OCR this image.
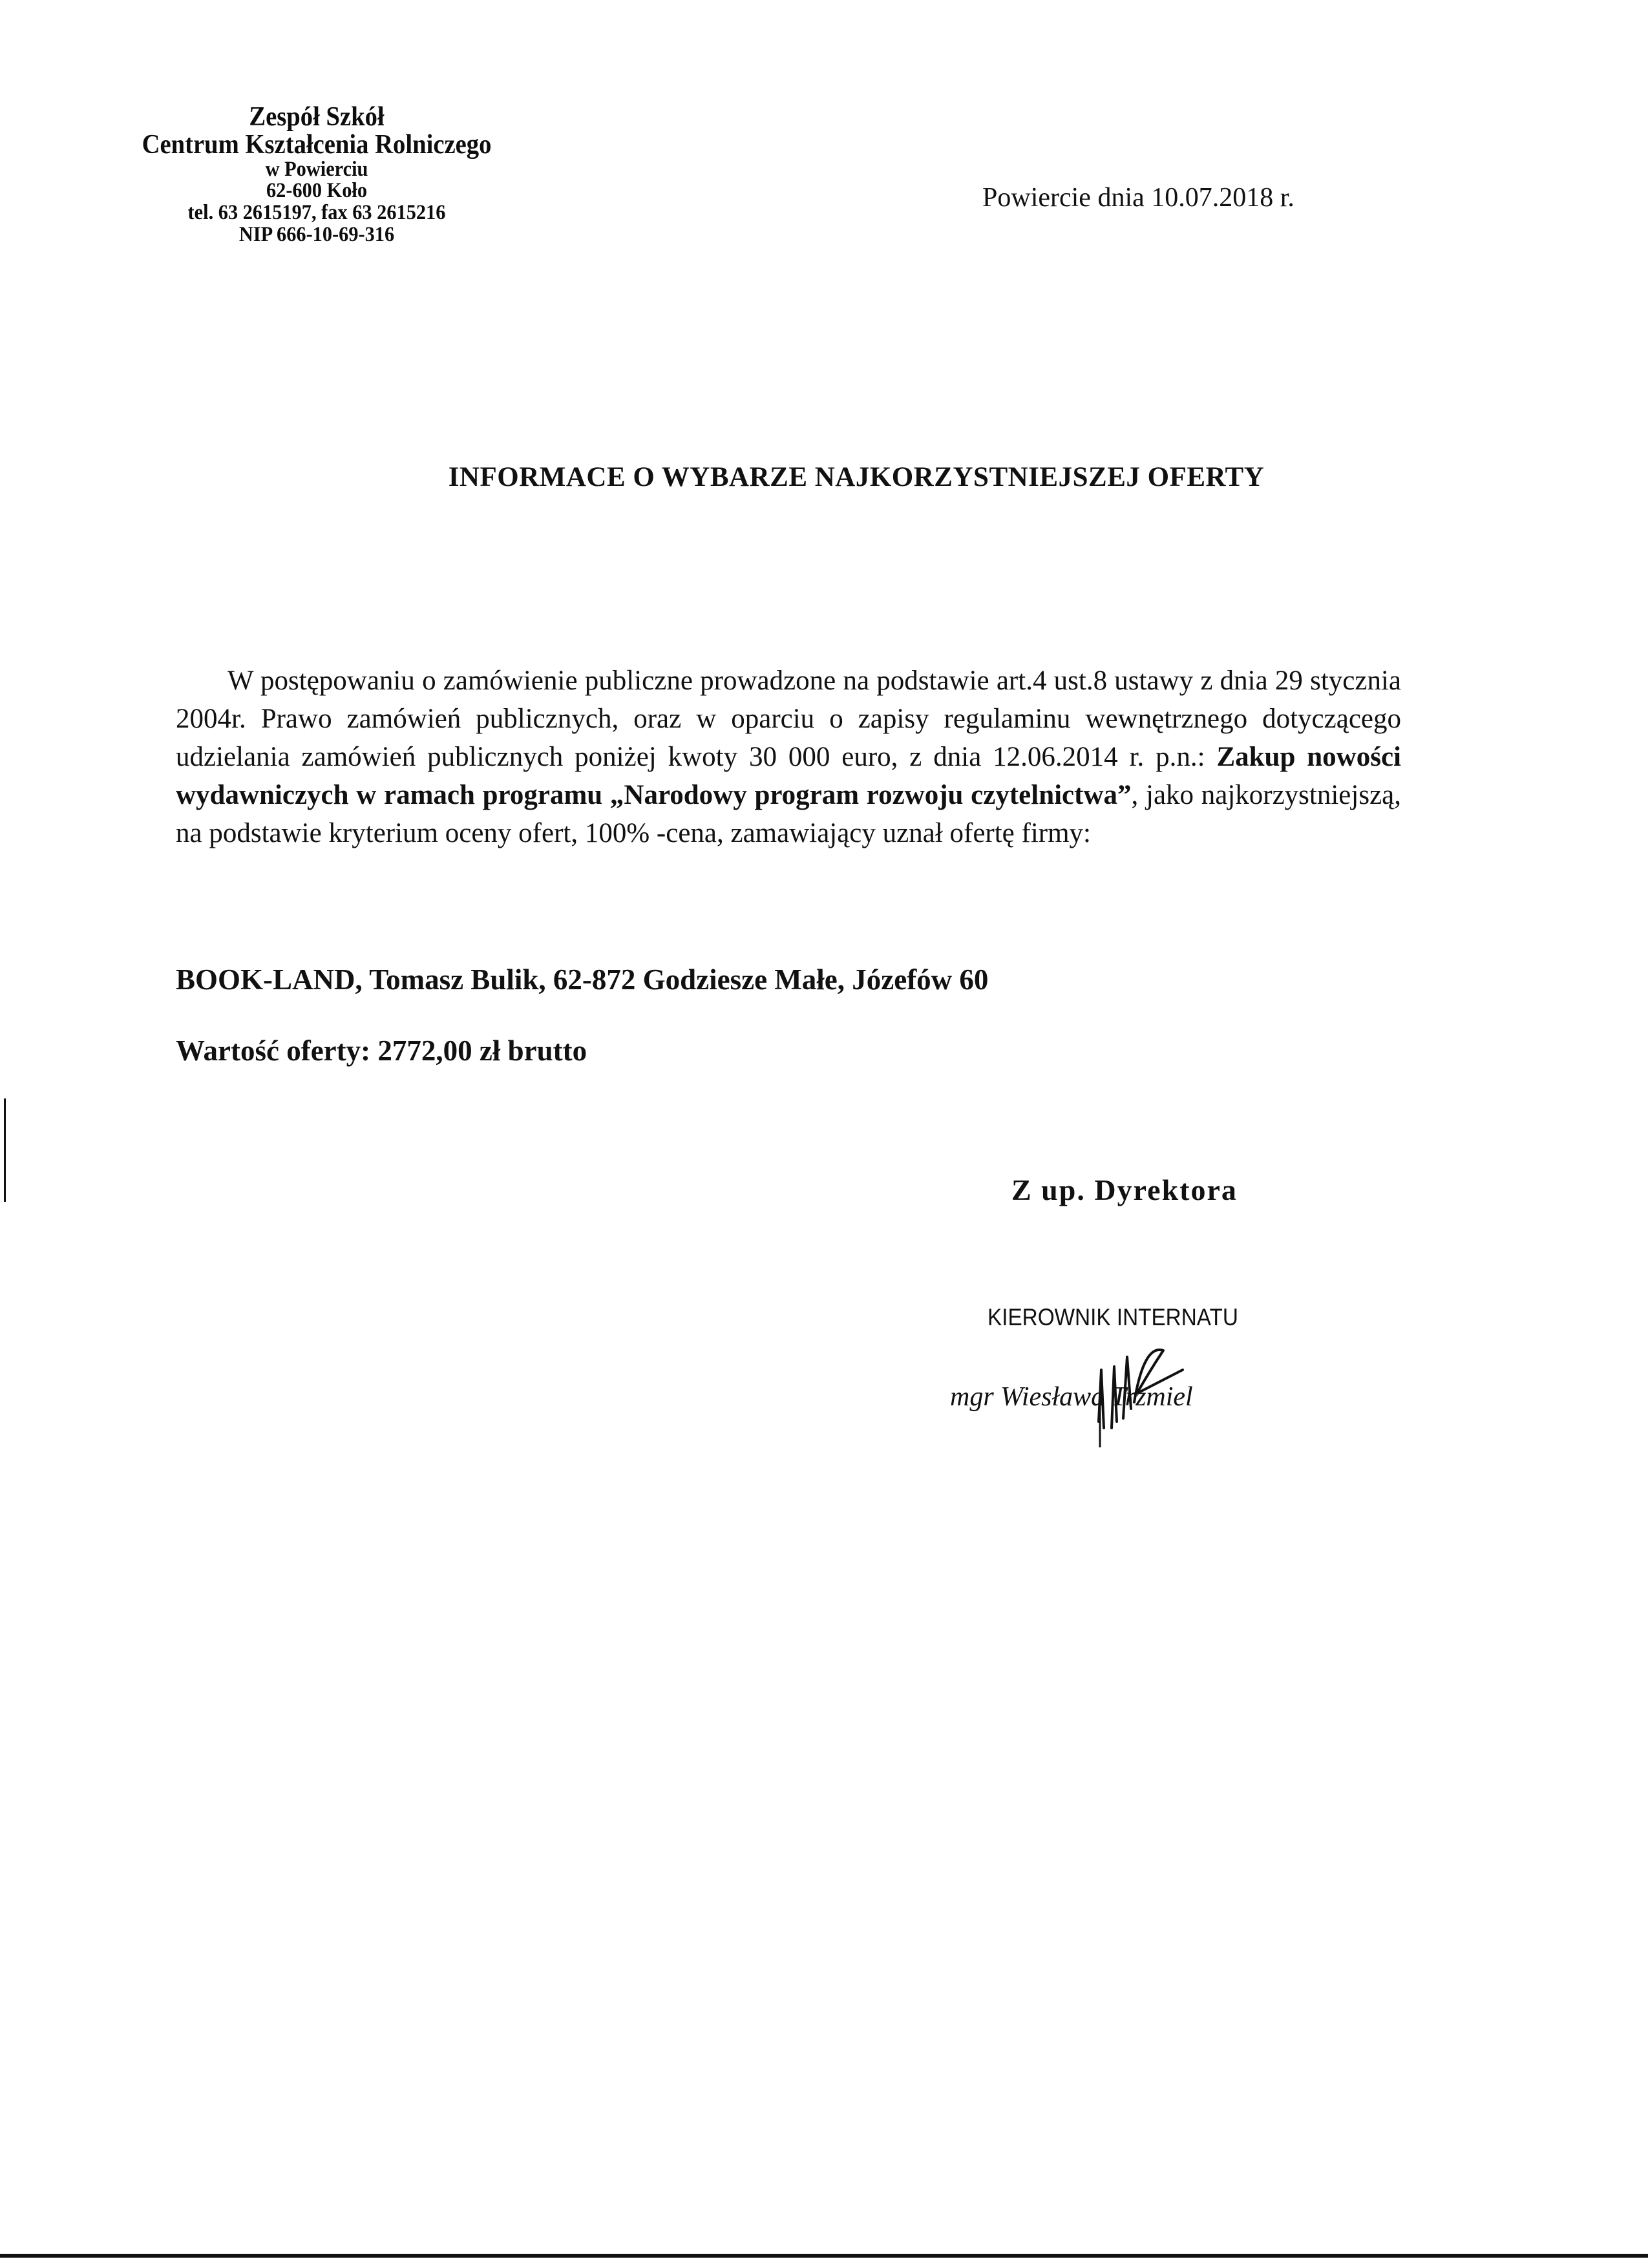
Zespół Szkół
Centrum Kształcenia Rolniczego
w Powierciu
62-600 Koło
tel. 63 2615197, fax 63 2615216
NIP 666-10-69-316
Powiercie dnia 10.07.2018 r.
INFORMACE O WYBARZE NAJKORZYSTNIEJSZEJ OFERTY
W postępowaniu o zamówienie publiczne prowadzone na podstawie art.4 ust.8 ustawy z dnia 29 stycznia 2004r. Prawo zamówień publicznych, oraz w oparciu o zapisy regulaminu wewnętrznego dotyczącego udzielania zamówień publicznych poniżej kwoty 30 000 euro, z dnia 12.06.2014 r. p.n.: Zakup nowości wydawniczych w ramach programu „Narodowy program rozwoju czytelnictwa”, jako najkorzystniejszą, na podstawie kryterium oceny ofert, 100% -cena, zamawiający uznał ofertę firmy:
BOOK-LAND, Tomasz Bulik, 62-872 Godziesze Małe, Józefów 60
Wartość oferty: 2772,00 zł brutto
Z up. Dyrektora
KIEROWNIK INTERNATU
mgr Wiesława Trzmiel
